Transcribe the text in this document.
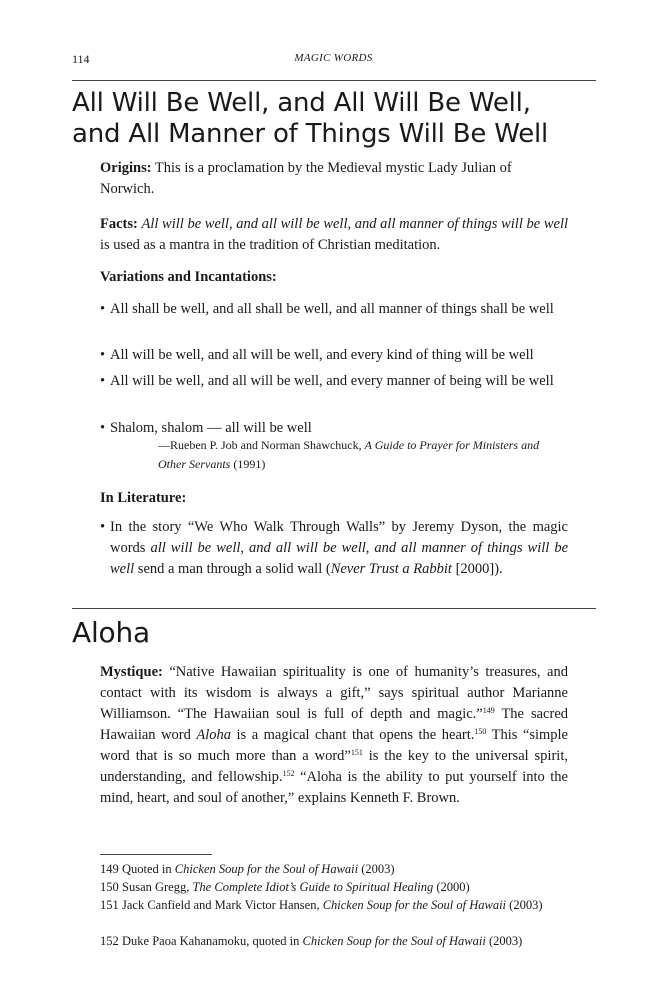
114	MAGIC WORDS
All Will Be Well, and All Will Be Well,
and All Manner of Things Will Be Well

Origins: This is a proclamation by the Medieval mystic Lady Julian of Norwich.

Facts: All will be well, and all will be well, and all manner of things will be well is used as a mantra in the tradition of Christian meditation.

Variations and Incantations:

• All shall be well, and all shall be well, and all manner of things shall be well
• All will be well, and all will be well, and every kind of thing will be well
• All will be well, and all will be well, and every manner of being will be well
• Shalom, shalom — all will be well
—Rueben P. Job and Norman Shawchuck, A Guide to Prayer for Ministers and Other Servants (1991)

In Literature:

• In the story “We Who Walk Through Walls” by Jeremy Dyson, the magic words all will be well, and all will be well, and all manner of things will be well send a man through a solid wall (Never Trust a Rabbit [2000]).
Aloha

Mystique: “Native Hawaiian spirituality is one of humanity’s treasures, and contact with its wisdom is always a gift,” says spiritual author Marianne Williamson. “The Hawaiian soul is full of depth and magic.”$^{149}$ The sacred Hawaiian word Aloha is a magical chant that opens the heart.$^{150}$ This “simple word that is so much more than a word”$^{151}$ is the key to the universal spirit, understanding, and fellowship.$^{152}$ “Aloha is the ability to put yourself into the mind, heart, and soul of another,” explains Kenneth F. Brown.

149 Quoted in Chicken Soup for the Soul of Hawaii (2003)
150 Susan Gregg, The Complete Idiot’s Guide to Spiritual Healing (2000)
151 Jack Canfield and Mark Victor Hansen, Chicken Soup for the Soul of Hawaii (2003)
152 Duke Paoa Kahanamoku, quoted in Chicken Soup for the Soul of Hawaii (2003)
